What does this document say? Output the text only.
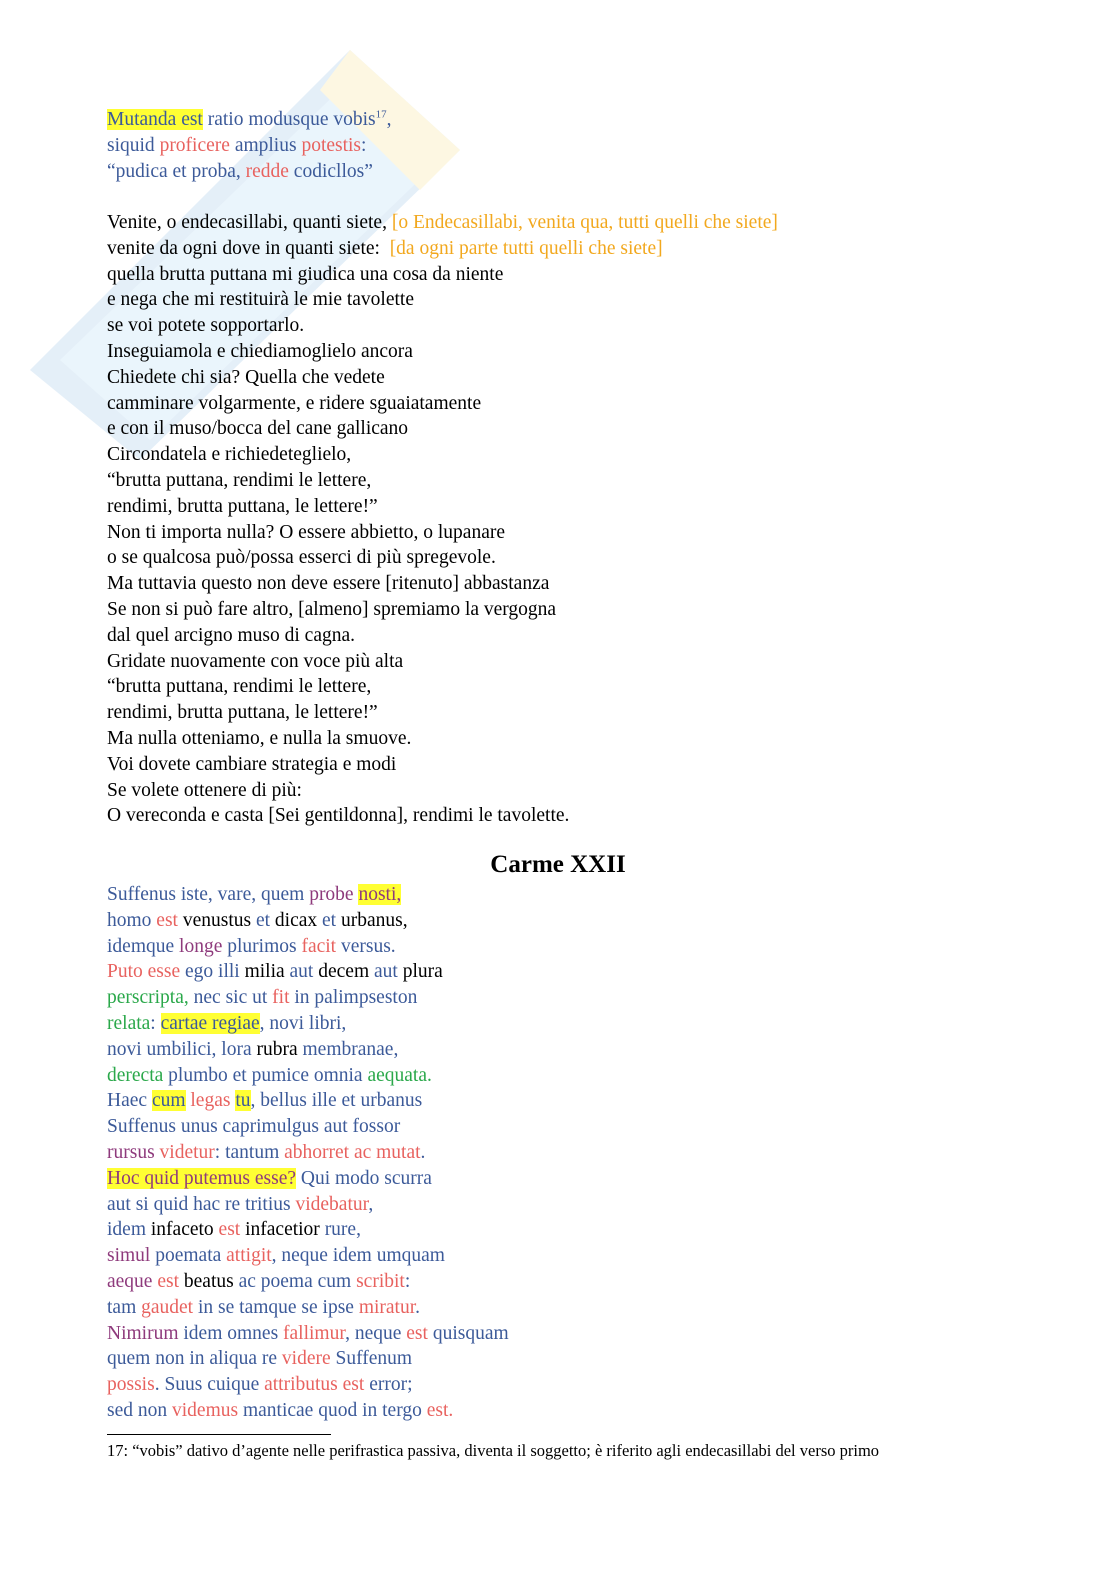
Mutanda est ratio modusque vobis$^{17}$,
siquid proficere amplius potestis:
“pudica et proba, redde codicllos”
Venite, o endecasillabi, quanti siete, [o Endecasillabi, venita qua, tutti quelli che siete]
venite da ogni dove in quanti siete:  [da ogni parte tutti quelli che siete]
quella brutta puttana mi giudica una cosa da niente
e nega che mi restituirà le mie tavolette
se voi potete sopportarlo.
Inseguiamola e chiediamoglielo ancora
Chiedete chi sia? Quella che vedete
camminare volgarmente, e ridere sguaiatamente
e con il muso/bocca del cane gallicano
Circondatela e richiedeteglielo,
“brutta puttana, rendimi le lettere,
rendimi, brutta puttana, le lettere!”
Non ti importa nulla? O essere abbietto, o lupanare
o se qualcosa può/possa esserci di più spregevole.
Ma tuttavia questo non deve essere [ritenuto] abbastanza
Se non si può fare altro, [almeno] spremiamo la vergogna
dal quel arcigno muso di cagna.
Gridate nuovamente con voce più alta
“brutta puttana, rendimi le lettere,
rendimi, brutta puttana, le lettere!”
Ma nulla otteniamo, e nulla la smuove.
Voi dovete cambiare strategia e modi
Se volete ottenere di più:
O vereconda e casta [Sei gentildonna], rendimi le tavolette.
Carme XXII
Suffenus iste, vare, quem probe nosti,
homo est venustus et dicax et urbanus,
idemque longe plurimos facit versus.
Puto esse ego illi milia aut decem aut plura
perscripta, nec sic ut fit in palimpseston
relata: cartae regiae, novi libri,
novi umbilici, lora rubra membranae,
derecta plumbo et pumice omnia aequata.
Haec cum legas tu, bellus ille et urbanus
Suffenus unus caprimulgus aut fossor
rursus videtur: tantum abhorret ac mutat.
Hoc quid putemus esse? Qui modo scurra
aut si quid hac re tritius videbatur,
idem infaceto est infacetior rure,
simul poemata attigit, neque idem umquam
aeque est beatus ac poema cum scribit:
tam gaudet in se tamque se ipse miratur.
Nimirum idem omnes fallimur, neque est quisquam
quem non in aliqua re videre Suffenum
possis. Suus cuique attributus est error;
sed non videmus manticae quod in tergo est.
17: “vobis” dativo d’agente nelle perifrastica passiva, diventa il soggetto; è riferito agli endecasillabi del verso primo
